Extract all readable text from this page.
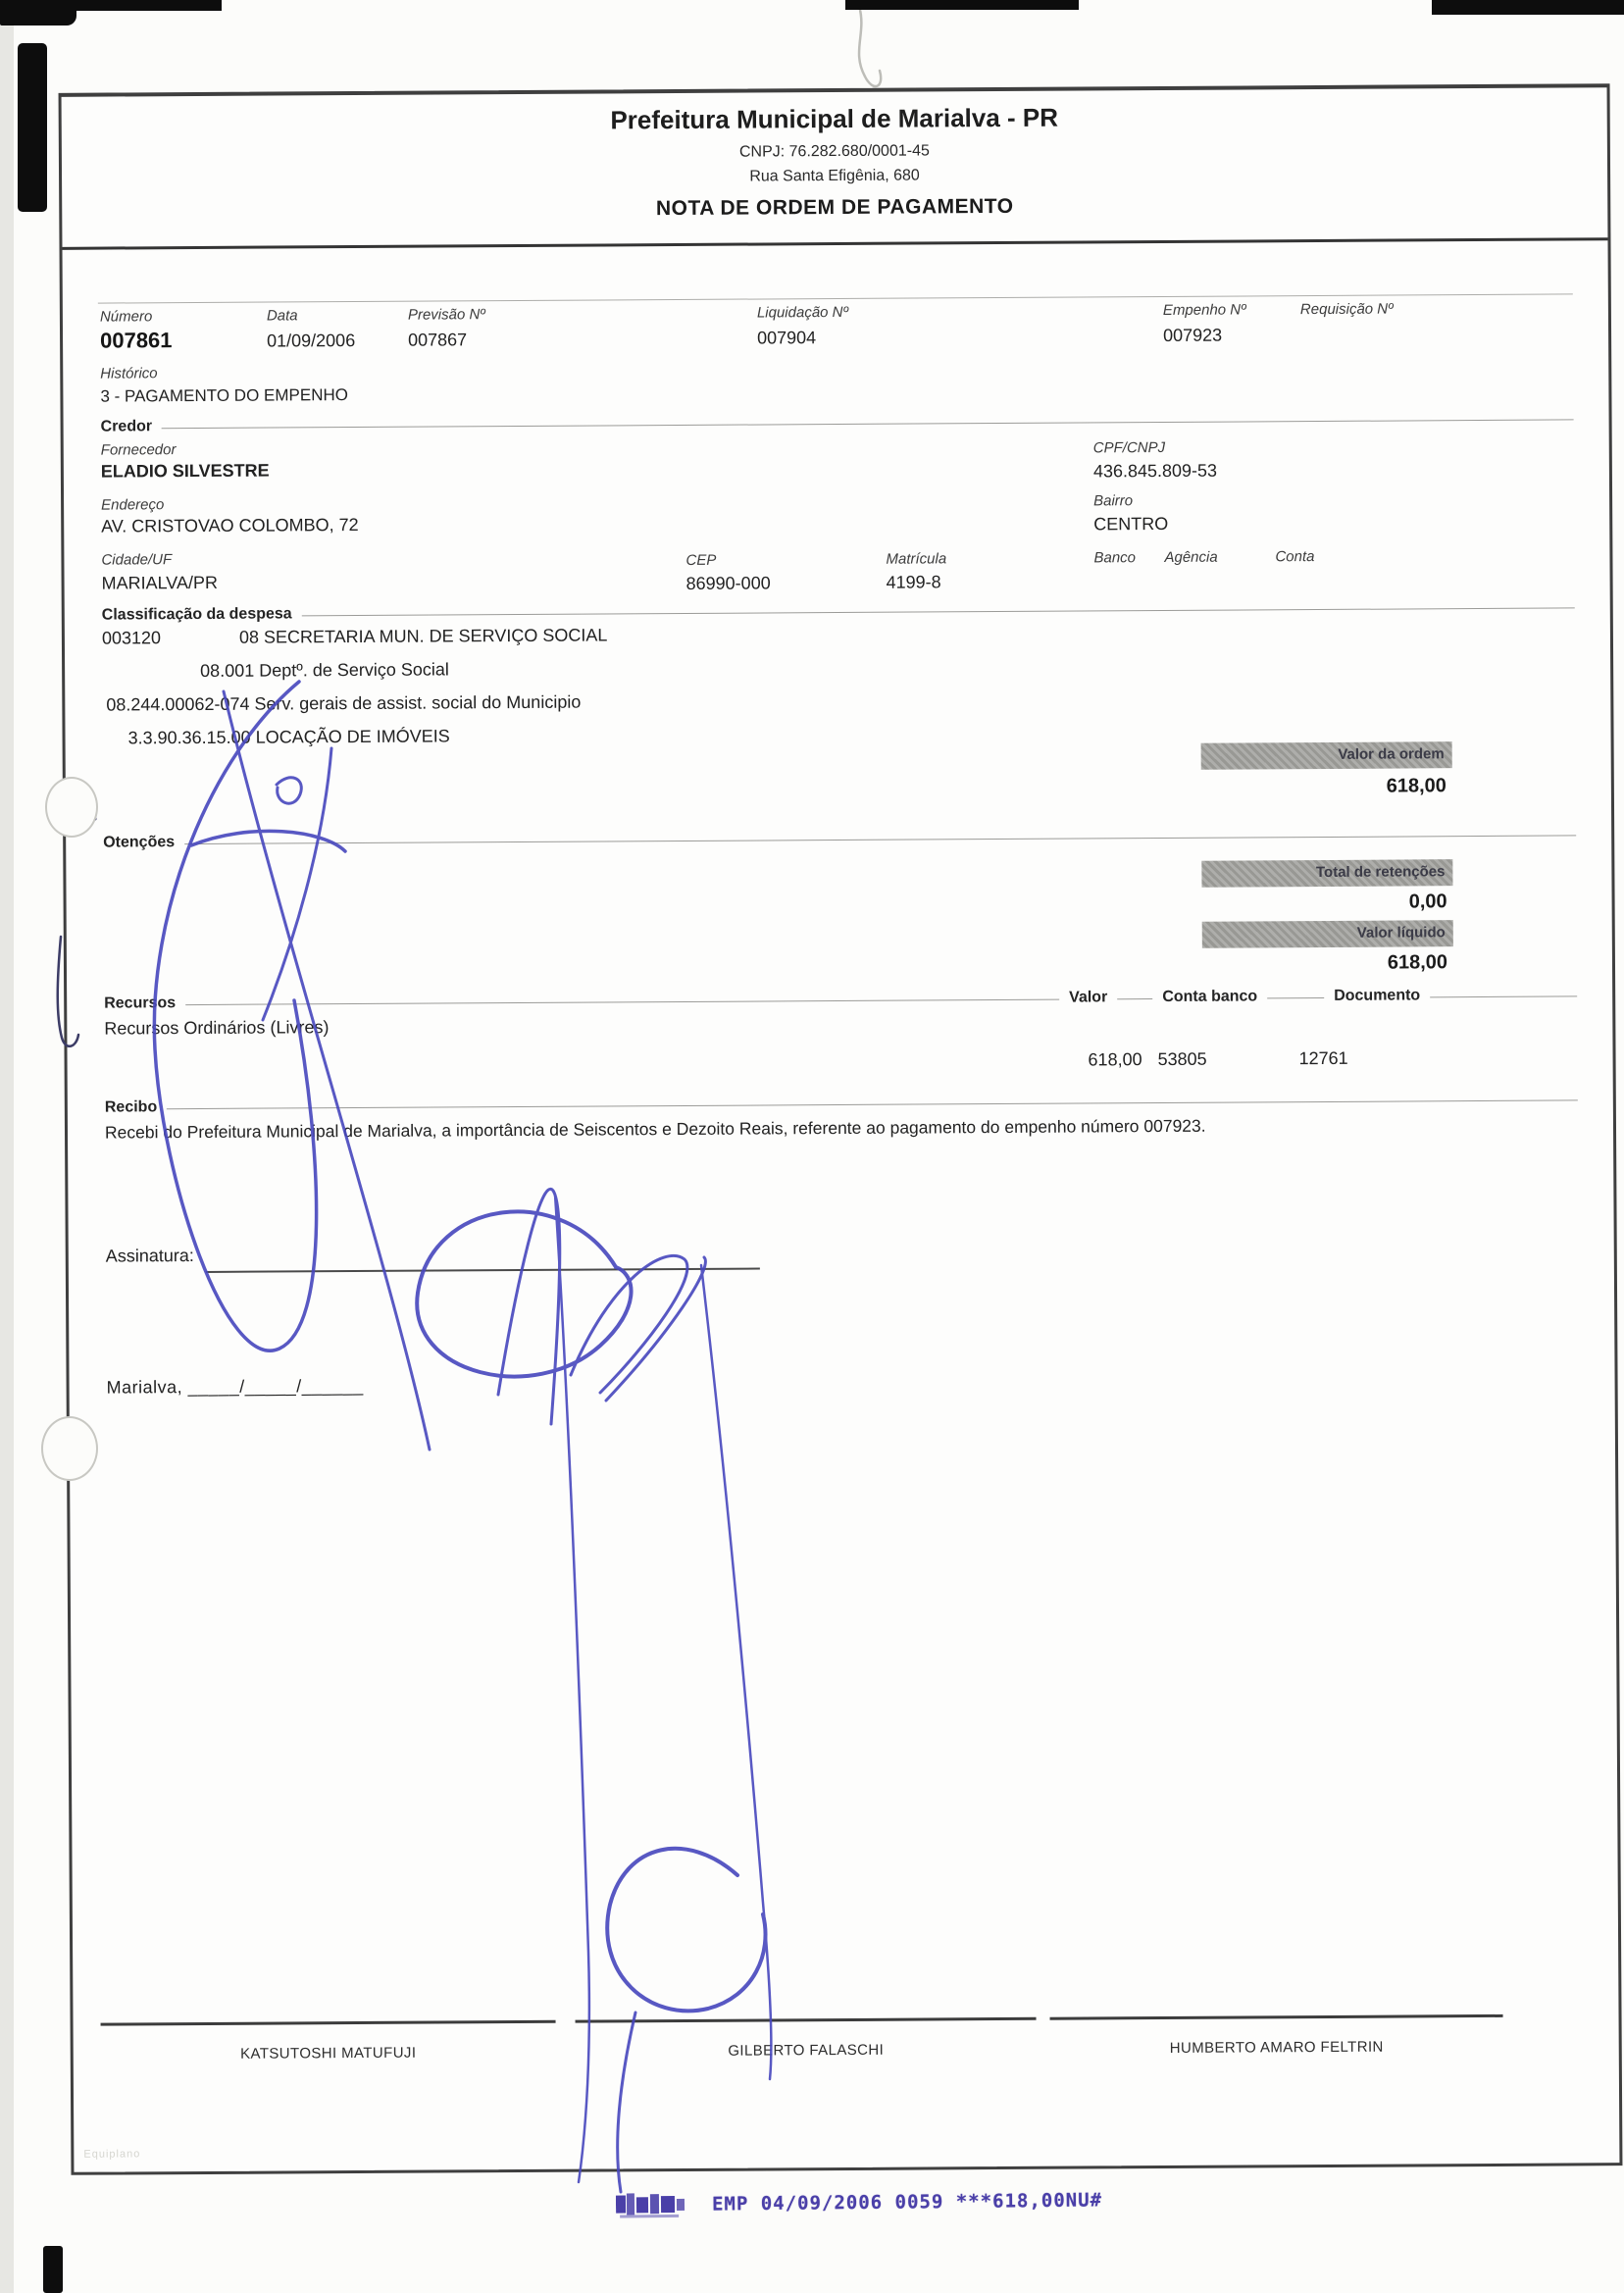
Prefeitura Municipal de Marialva - PR
CNPJ: 76.282.680/0001-45
Rua Santa Efigênia, 680
NOTA DE ORDEM DE PAGAMENTO
Número
007861
Data
01/09/2006
Previsão Nº
007867
Liquidação Nº
007904
Empenho Nº
007923
Requisição Nº
Histórico
3 - PAGAMENTO DO EMPENHO
Credor
Fornecedor
ELADIO SILVESTRE
CPF/CNPJ
436.845.809-53
Endereço
AV. CRISTOVAO COLOMBO, 72
Bairro
CENTRO
Cidade/UF
MARIALVA/PR
CEP
86990-000
Matrícula
4199-8
Banco Agência	Conta
Classificação da despesa
003120	08 SECRETARIA MUN. DE SERVIÇO SOCIAL
08.001 Deptº. de Serviço Social
08.244.00062-074 Serv. gerais de assist. social do Municipio
3.3.90.36.15.00 LOCAÇÃO DE IMÓVEIS
Valor da ordem
618,00
Otenções
Total de retenções
0,00
Valor líquido
618,00
Recursos	Valor	Conta banco	Documento
Recursos Ordinários (Livres)
618,00 53805	12761
Recibo
Recebi do Prefeitura Municipal de Marialva, a importância de Seiscentos e Dezoito Reais, referente ao pagamento do empenho número 007923.
Assinatura:
Marialva, _____/_____/______
KATSUTOSHI MATUFUJI	GILBERTO FALASCHI	HUMBERTO AMARO FELTRIN
Equiplano
EMP 04/09/2006 0059 ***618,00NU#
